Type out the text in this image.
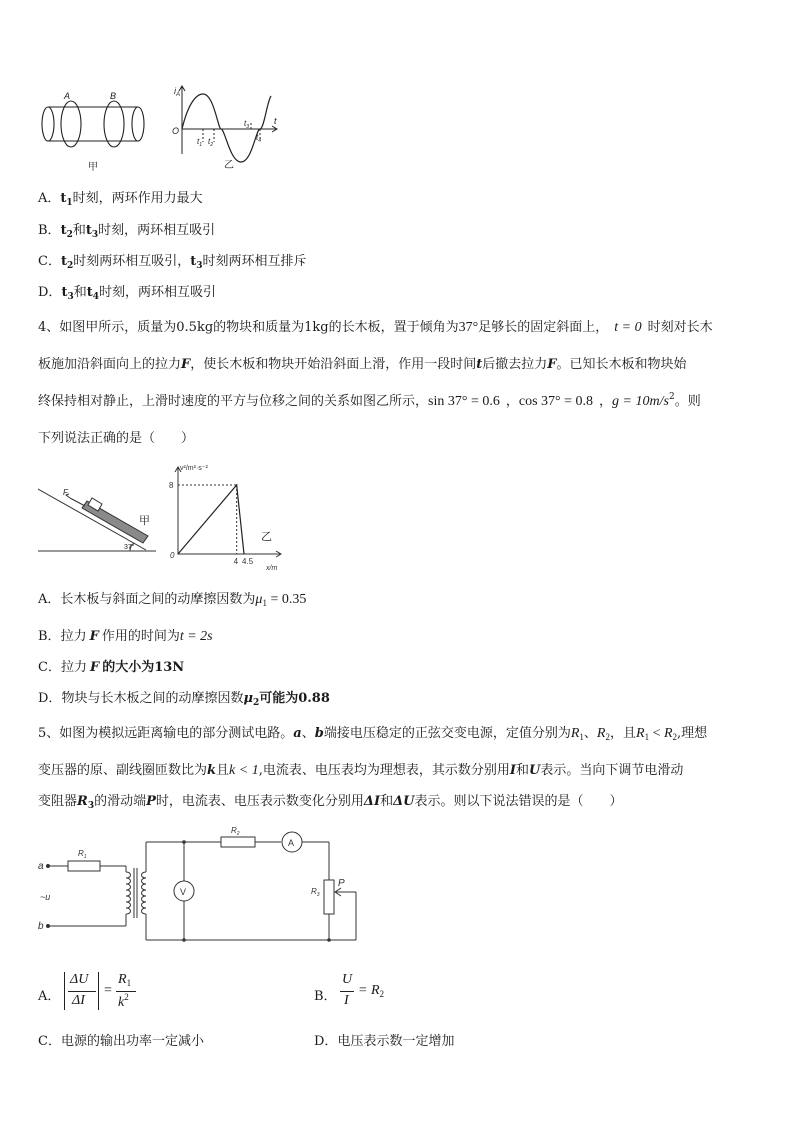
A	B
甲
$i_A$
O
t
$t_1$ $t_2$
$t_3$
$t_4$
乙
A．$t_1$时刻，两环作用力最大
B．$t_2$和$t_3$时刻，两环相互吸引
C．$t_2$时刻两环相互吸引，$t_3$时刻两环相互排斥
D．$t_3$和$t_4$时刻，两环相互吸引
4、如图甲所示，质量为0.5kg的物块和质量为1kg的长木板，置于倾角为37°足够长的固定斜面上， t = 0 时刻对长木
板施加沿斜面向上的拉力F，使长木板和物块开始沿斜面上滑，作用一段时间t后撤去拉力F。已知长木板和物块始
终保持相对静止，上滑时速度的平方与位移之间的关系如图乙所示，sin 37° = 0.6 ，cos 37° = 0.8 ，$g = 10m/s^2$。则
下列说法正确的是（　　）
F
37°
甲
v²/m²·s⁻²
8
0
4 4.5
x/m
乙
A．长木板与斜面之间的动摩擦因数为$\mu_1 = 0.35$
B．拉力 F 作用的时间为t = 2s
C．拉力 F 的大小为13N
D．物块与长木板之间的动摩擦因数$\mu_2$可能为0.88
5、如图为模拟远距离输电的部分测试电路。a、b端接电压稳定的正弦交变电源，定值分别为$R_1$、$R_2$，且$R_1 < R_2$,理想
变压器的原、副线圈匝数比为k且k < 1,电流表、电压表均为理想表，其示数分别用I和U表示。当向下调节电滑动
变阻器$R_3$的滑动端P时，电流表、电压表示数变化分别用ΔI和ΔU表示。则以下说法错误的是（　　）
a
b
~u
$R_1$
$R_2$
$R_3$
A
V
P
A．
ΔU
ΔI
=
$R_1$
$k^2$	B．
U
I
= $R_2$
C．电源的输出功率一定减小	D．电压表示数一定增加
